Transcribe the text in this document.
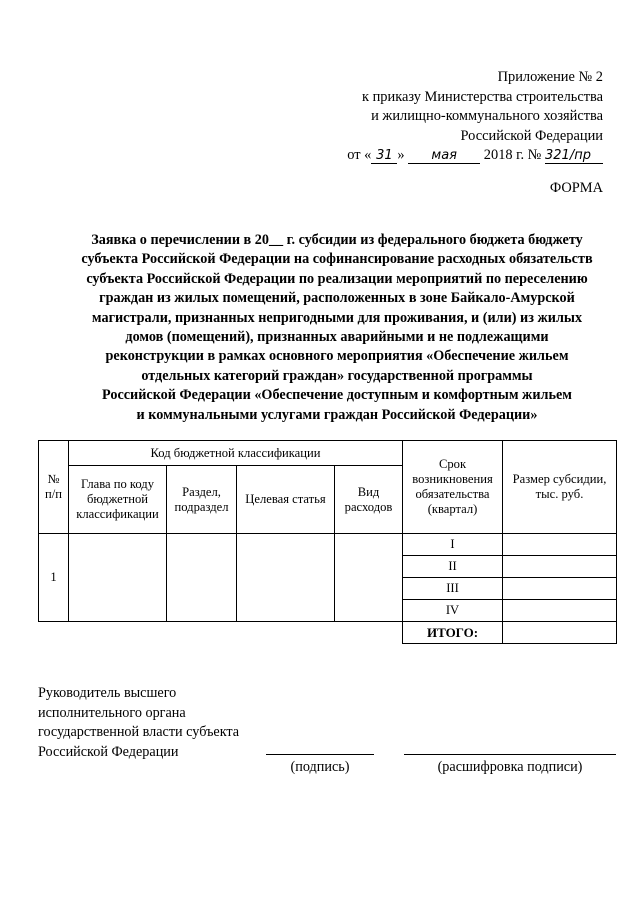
Приложение № 2
к приказу Министерства строительства
и жилищно-коммунального хозяйства
Российской Федерации
от « 31 » мая 2018 г. № 321/пр
ФОРМА
Заявка о перечислении в 20__ г. субсидии из федерального бюджета бюджету
субъекта Российской Федерации на софинансирование расходных обязательств
субъекта Российской Федерации по реализации мероприятий по переселению
граждан из жилых помещений, расположенных в зоне Байкало-Амурской
магистрали, признанных непригодными для проживания, и (или) из жилых
домов (помещений), признанных аварийными и не подлежащими
реконструкции в рамках основного мероприятия «Обеспечение жильем
отдельных категорий граждан» государственной программы
Российской Федерации «Обеспечение доступным и комфортным жильем
и коммунальными услугами граждан Российской Федерации»
№ п/п	Код бюджетной классификации				Срок возникновения обязательства (квартал)	Размер субсидии, тыс. руб.
	Глава по коду бюджетной классификации	Раздел, подраздел	Целевая статья	Вид расходов		
1					I	
					II	
					III	
					IV	
					ИТОГО:	
Руководитель высшего
исполнительного органа
государственной власти субъекта
Российской Федерации
(подпись)	(расшифровка подписи)
